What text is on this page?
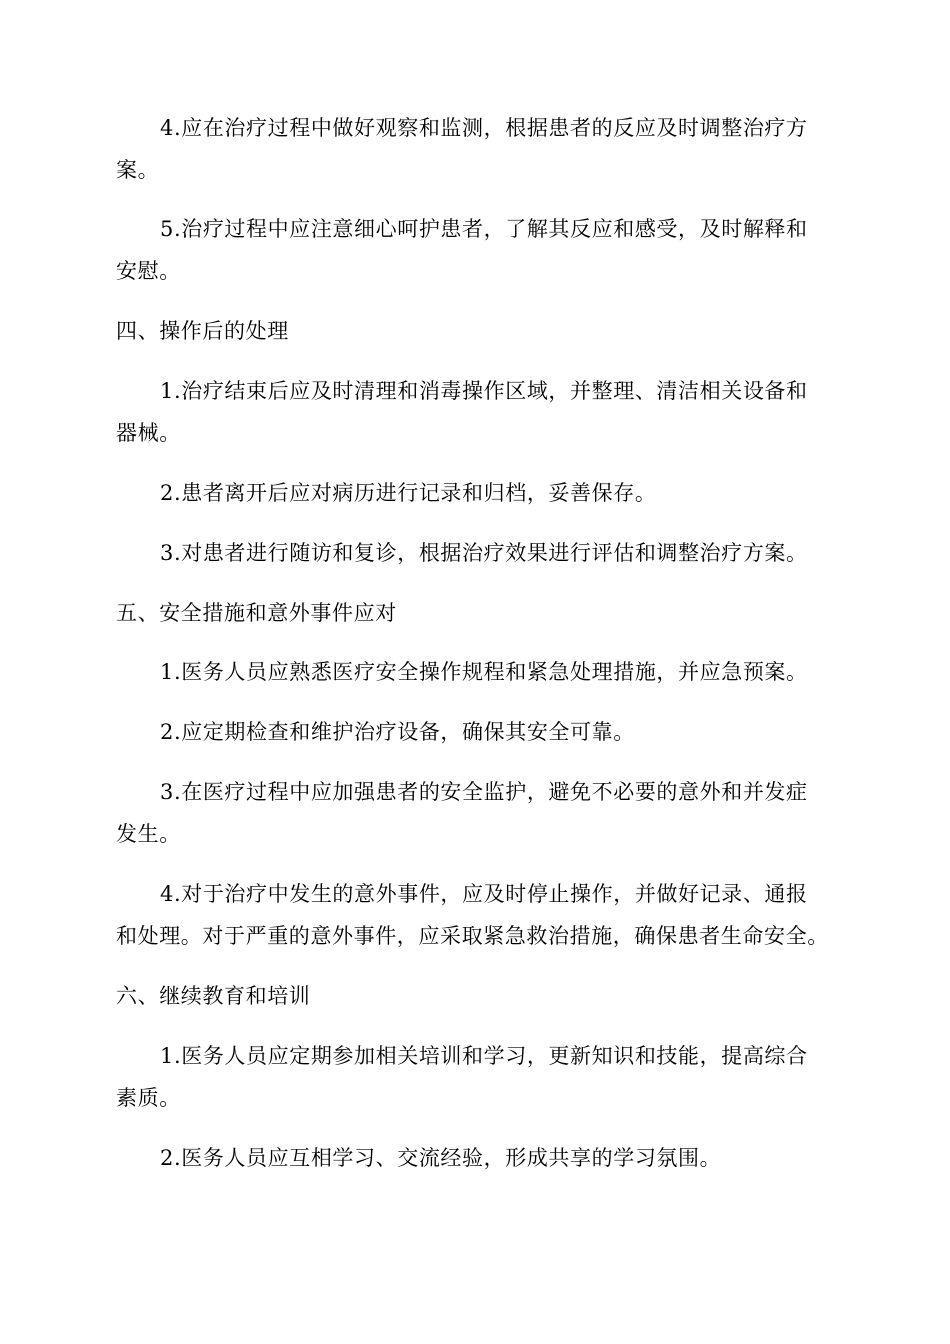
4.应在治疗过程中做好观察和监测，根据患者的反应及时调整治疗方
案。
5.治疗过程中应注意细心呵护患者，了解其反应和感受，及时解释和
安慰。
四、操作后的处理
1.治疗结束后应及时清理和消毒操作区域，并整理、清洁相关设备和
器械。
2.患者离开后应对病历进行记录和归档，妥善保存。
3.对患者进行随访和复诊，根据治疗效果进行评估和调整治疗方案。
五、安全措施和意外事件应对
1.医务人员应熟悉医疗安全操作规程和紧急处理措施，并应急预案。
2.应定期检查和维护治疗设备，确保其安全可靠。
3.在医疗过程中应加强患者的安全监护，避免不必要的意外和并发症
发生。
4.对于治疗中发生的意外事件，应及时停止操作，并做好记录、通报
和处理。对于严重的意外事件，应采取紧急救治措施，确保患者生命安全。
六、继续教育和培训
1.医务人员应定期参加相关培训和学习，更新知识和技能，提高综合
素质。
2.医务人员应互相学习、交流经验，形成共享的学习氛围。
